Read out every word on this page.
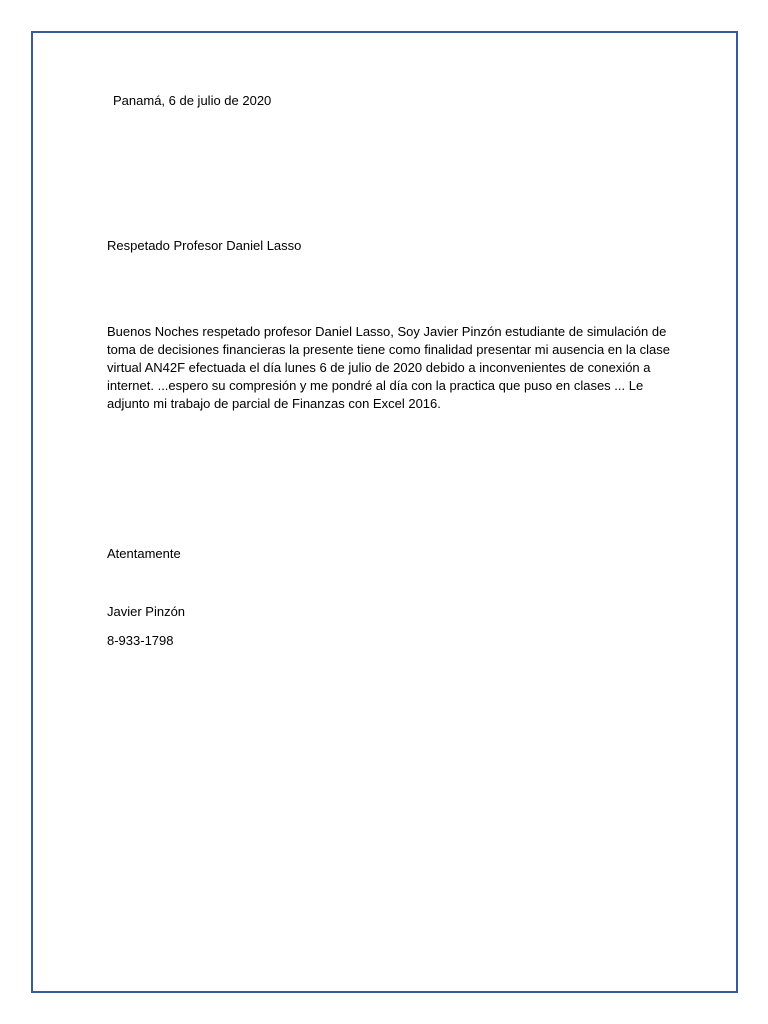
Panamá, 6 de julio de 2020
Respetado Profesor Daniel Lasso
Buenos Noches respetado profesor Daniel Lasso, Soy Javier Pinzón estudiante de simulación de
toma de decisiones financieras la presente tiene como finalidad presentar mi ausencia en la clase
virtual AN42F efectuada el día lunes 6 de julio de 2020 debido a inconvenientes de conexión a
internet. ...espero su compresión y me pondré al día con la practica que puso en clases ... Le
adjunto mi trabajo de parcial de Finanzas con Excel 2016.
Atentamente
Javier Pinzón
8-933-1798
